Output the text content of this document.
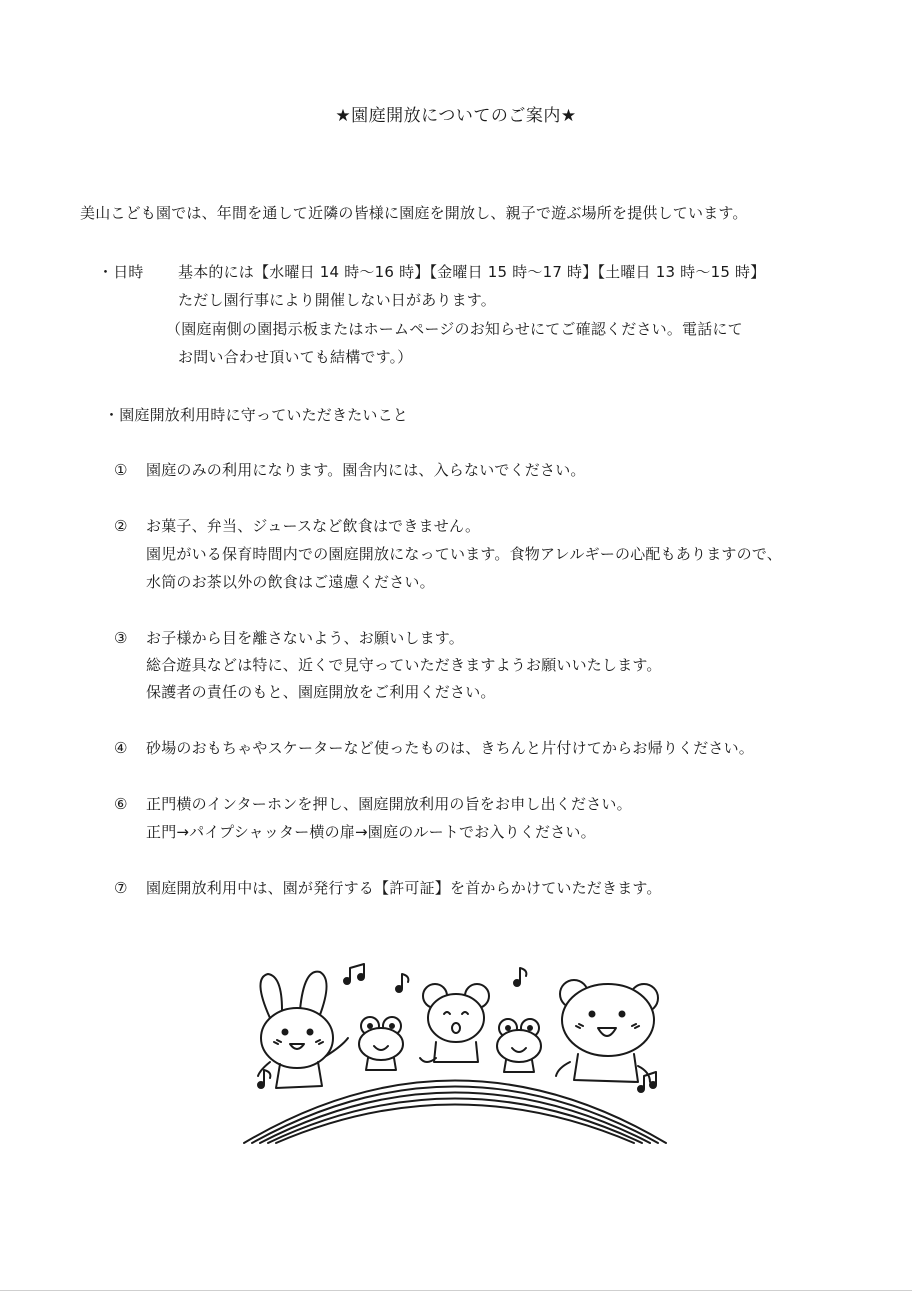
★園庭開放についてのご案内★
美山こども園では、年間を通して近隣の皆様に園庭を開放し、親子で遊ぶ場所を提供しています。
・日時 基本的には【水曜日 14 時～16 時】【金曜日 15 時～17 時】【土曜日 13 時～15 時】
ただし園行事により開催しない日があります。
（園庭南側の園掲示板またはホームページのお知らせにてご確認ください。電話にて
お問い合わせ頂いても結構です。）
・園庭開放利用時に守っていただきたいこと
① 園庭のみの利用になります。園舎内には、入らないでください。
② お菓子、弁当、ジュースなど飲食はできません。
園児がいる保育時間内での園庭開放になっています。食物アレルギーの心配もありますので、
水筒のお茶以外の飲食はご遠慮ください。
③ お子様から目を離さないよう、お願いします。
総合遊具などは特に、近くで見守っていただきますようお願いいたします。
保護者の責任のもと、園庭開放をご利用ください。
④ 砂場のおもちゃやスケーターなど使ったものは、きちんと片付けてからお帰りください。
⑥ 正門横のインターホンを押し、園庭開放利用の旨をお申し出ください。
正門→パイプシャッター横の扉→園庭のルートでお入りください。
⑦ 園庭開放利用中は、園が発行する【許可証】を首からかけていただきます。
